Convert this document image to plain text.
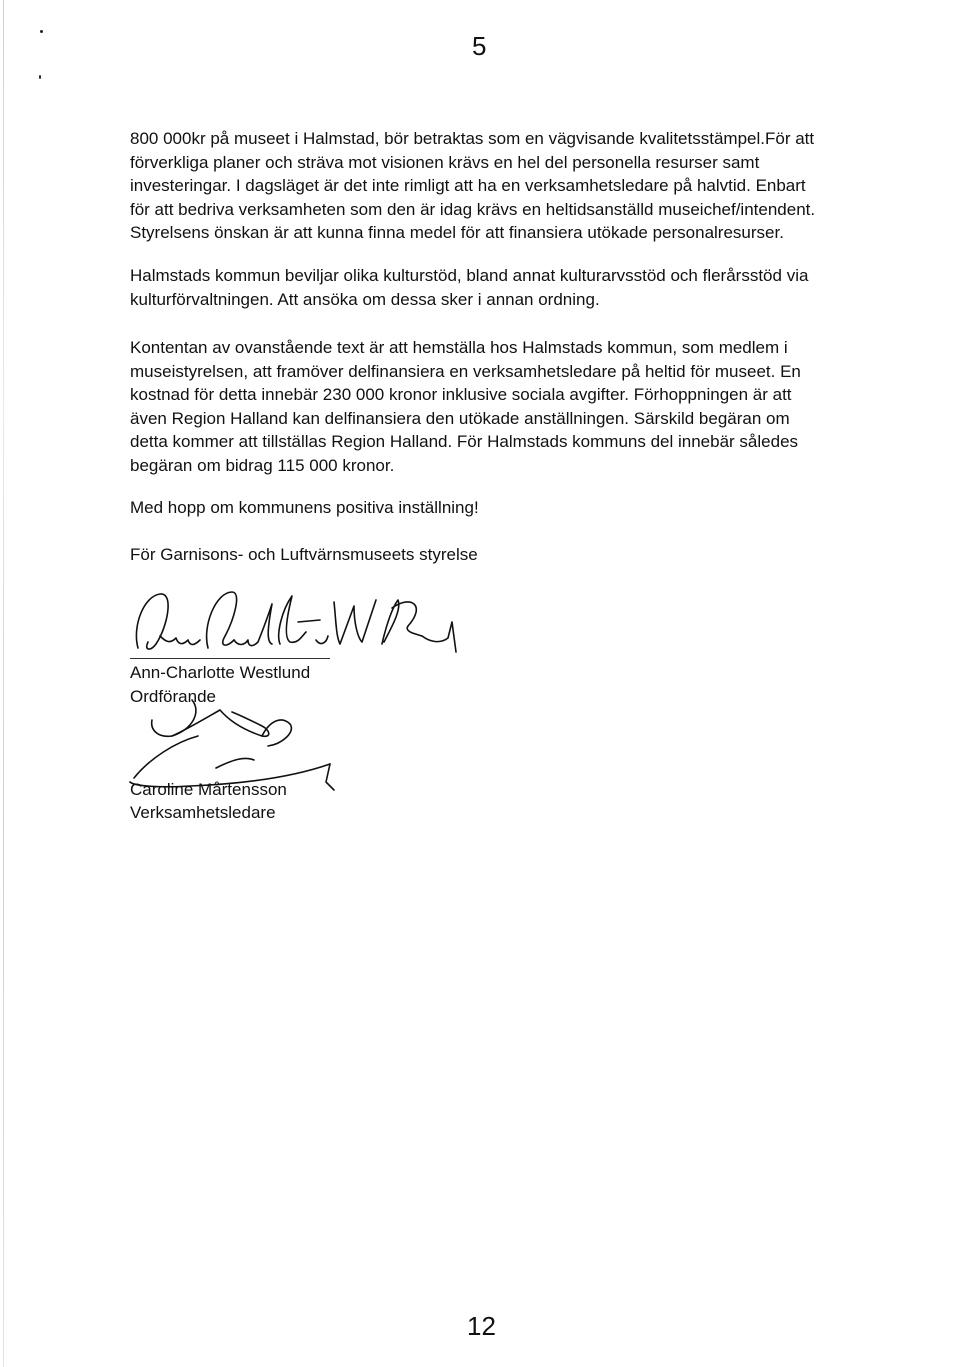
5
800 000kr på museet i Halmstad, bör betraktas som en vägvisande kvalitetsstämpel.För att
förverkliga planer och sträva mot visionen krävs en hel del personella resurser samt
investeringar. I dagsläget är det inte rimligt att ha en verksamhetsledare på halvtid. Enbart
för att bedriva verksamheten som den är idag krävs en heltidsanställd museichef/intendent.
Styrelsens önskan är att kunna finna medel för att finansiera utökade personalresurser.
Halmstads kommun beviljar olika kulturstöd, bland annat kulturarvsstöd och flerårsstöd via
kulturförvaltningen. Att ansöka om dessa sker i annan ordning.
Kontentan av ovanstående text är att hemställa hos Halmstads kommun, som medlem i
museistyrelsen, att framöver delfinansiera en verksamhetsledare på heltid för museet. En
kostnad för detta innebär 230 000 kronor inklusive sociala avgifter. Förhoppningen är att
även Region Halland kan delfinansiera den utökade anställningen. Särskild begäran om
detta kommer att tillställas Region Halland. För Halmstads kommuns del innebär således
begäran om bidrag 115 000 kronor.
Med hopp om kommunens positiva inställning!
För Garnisons- och Luftvärnsmuseets styrelse
Ann-Charlotte Westlund
Ordförande
Caroline Mårtensson
Verksamhetsledare
12
